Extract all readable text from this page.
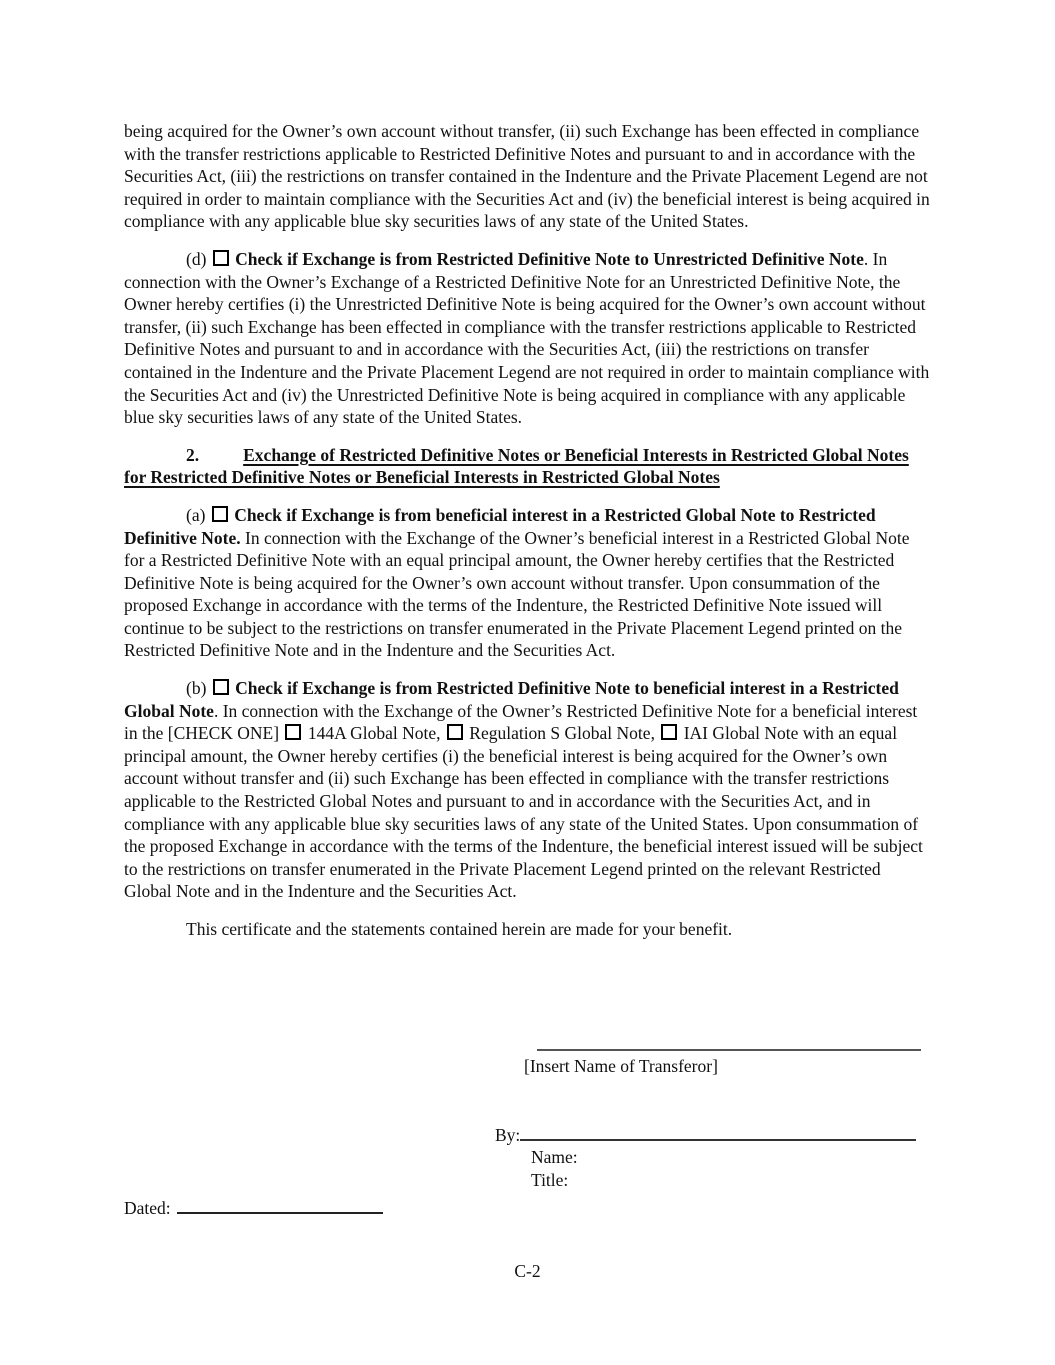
being acquired for the Owner’s own account without transfer, (ii) such Exchange has been effected in compliance with the transfer restrictions applicable to Restricted Definitive Notes and pursuant to and in accordance with the Securities Act, (iii) the restrictions on transfer contained in the Indenture and the Private Placement Legend are not required in order to maintain compliance with the Securities Act and (iv) the beneficial interest is being acquired in compliance with any applicable blue sky securities laws of any state of the United States.

(d) Check if Exchange is from Restricted Definitive Note to Unrestricted Definitive Note. In connection with the Owner’s Exchange of a Restricted Definitive Note for an Unrestricted Definitive Note, the Owner hereby certifies (i) the Unrestricted Definitive Note is being acquired for the Owner’s own account without transfer, (ii) such Exchange has been effected in compliance with the transfer restrictions applicable to Restricted Definitive Notes and pursuant to and in accordance with the Securities Act, (iii) the restrictions on transfer contained in the Indenture and the Private Placement Legend are not required in order to maintain compliance with the Securities Act and (iv) the Unrestricted Definitive Note is being acquired in compliance with any applicable blue sky securities laws of any state of the United States.

2.	Exchange of Restricted Definitive Notes or Beneficial Interests in Restricted Global Notes for Restricted Definitive Notes or Beneficial Interests in Restricted Global Notes

(a) Check if Exchange is from beneficial interest in a Restricted Global Note to Restricted Definitive Note. In connection with the Exchange of the Owner’s beneficial interest in a Restricted Global Note for a Restricted Definitive Note with an equal principal amount, the Owner hereby certifies that the Restricted Definitive Note is being acquired for the Owner’s own account without transfer. Upon consummation of the proposed Exchange in accordance with the terms of the Indenture, the Restricted Definitive Note issued will continue to be subject to the restrictions on transfer enumerated in the Private Placement Legend printed on the Restricted Definitive Note and in the Indenture and the Securities Act.

(b) Check if Exchange is from Restricted Definitive Note to beneficial interest in a Restricted Global Note. In connection with the Exchange of the Owner’s Restricted Definitive Note for a beneficial interest in the [CHECK ONE] 144A Global Note, Regulation S Global Note, IAI Global Note with an equal principal amount, the Owner hereby certifies (i) the beneficial interest is being acquired for the Owner’s own account without transfer and (ii) such Exchange has been effected in compliance with the transfer restrictions applicable to the Restricted Global Notes and pursuant to and in accordance with the Securities Act, and in compliance with any applicable blue sky securities laws of any state of the United States. Upon consummation of the proposed Exchange in accordance with the terms of the Indenture, the beneficial interest issued will be subject to the restrictions on transfer enumerated in the Private Placement Legend printed on the relevant Restricted Global Note and in the Indenture and the Securities Act.

This certificate and the statements contained herein are made for your benefit.

[Insert Name of Transferor]
By:
Name:
Title:
Dated:
C-2
